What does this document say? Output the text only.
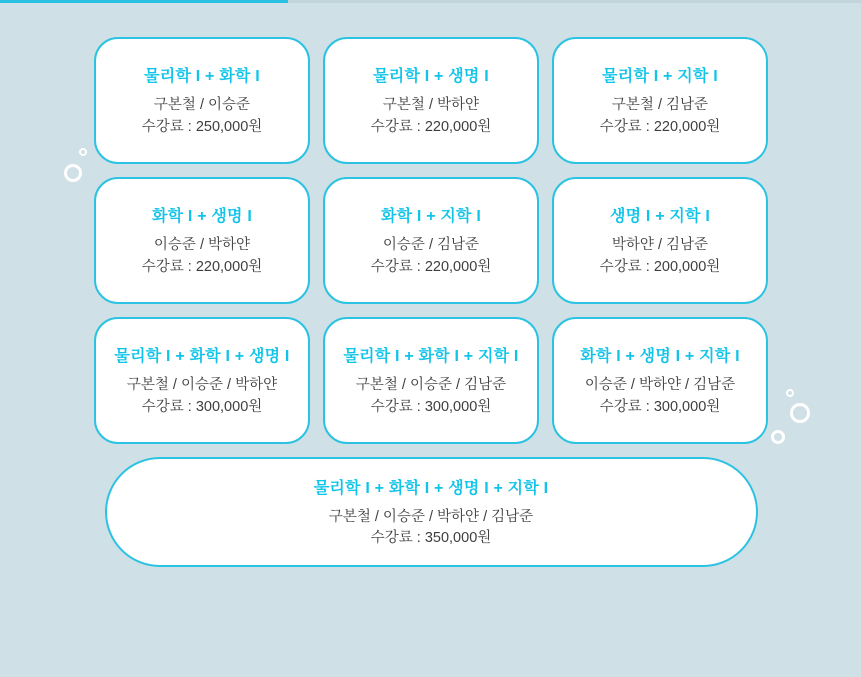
물리학 I + 화학 I
구본철 / 이승준
수강료 : 250,000원
물리학 I + 생명 I
구본철 / 박하얀
수강료 : 220,000원
물리학 I + 지학 I
구본철 / 김남준
수강료 : 220,000원
화학 I + 생명 I
이승준 / 박하얀
수강료 : 220,000원
화학 I + 지학 I
이승준 / 김남준
수강료 : 220,000원
생명 I + 지학 I
박하얀 / 김남준
수강료 : 200,000원
물리학 I + 화학 I + 생명 I
구본철 / 이승준 / 박하얀
수강료 : 300,000원
물리학 I + 화학 I + 지학 I
구본철 / 이승준 / 김남준
수강료 : 300,000원
화학 I + 생명 I + 지학 I
이승준 / 박하얀 / 김남준
수강료 : 300,000원
물리학 I + 화학 I + 생명 I + 지학 I
구본철 / 이승준 / 박하얀 / 김남준
수강료 : 350,000원
